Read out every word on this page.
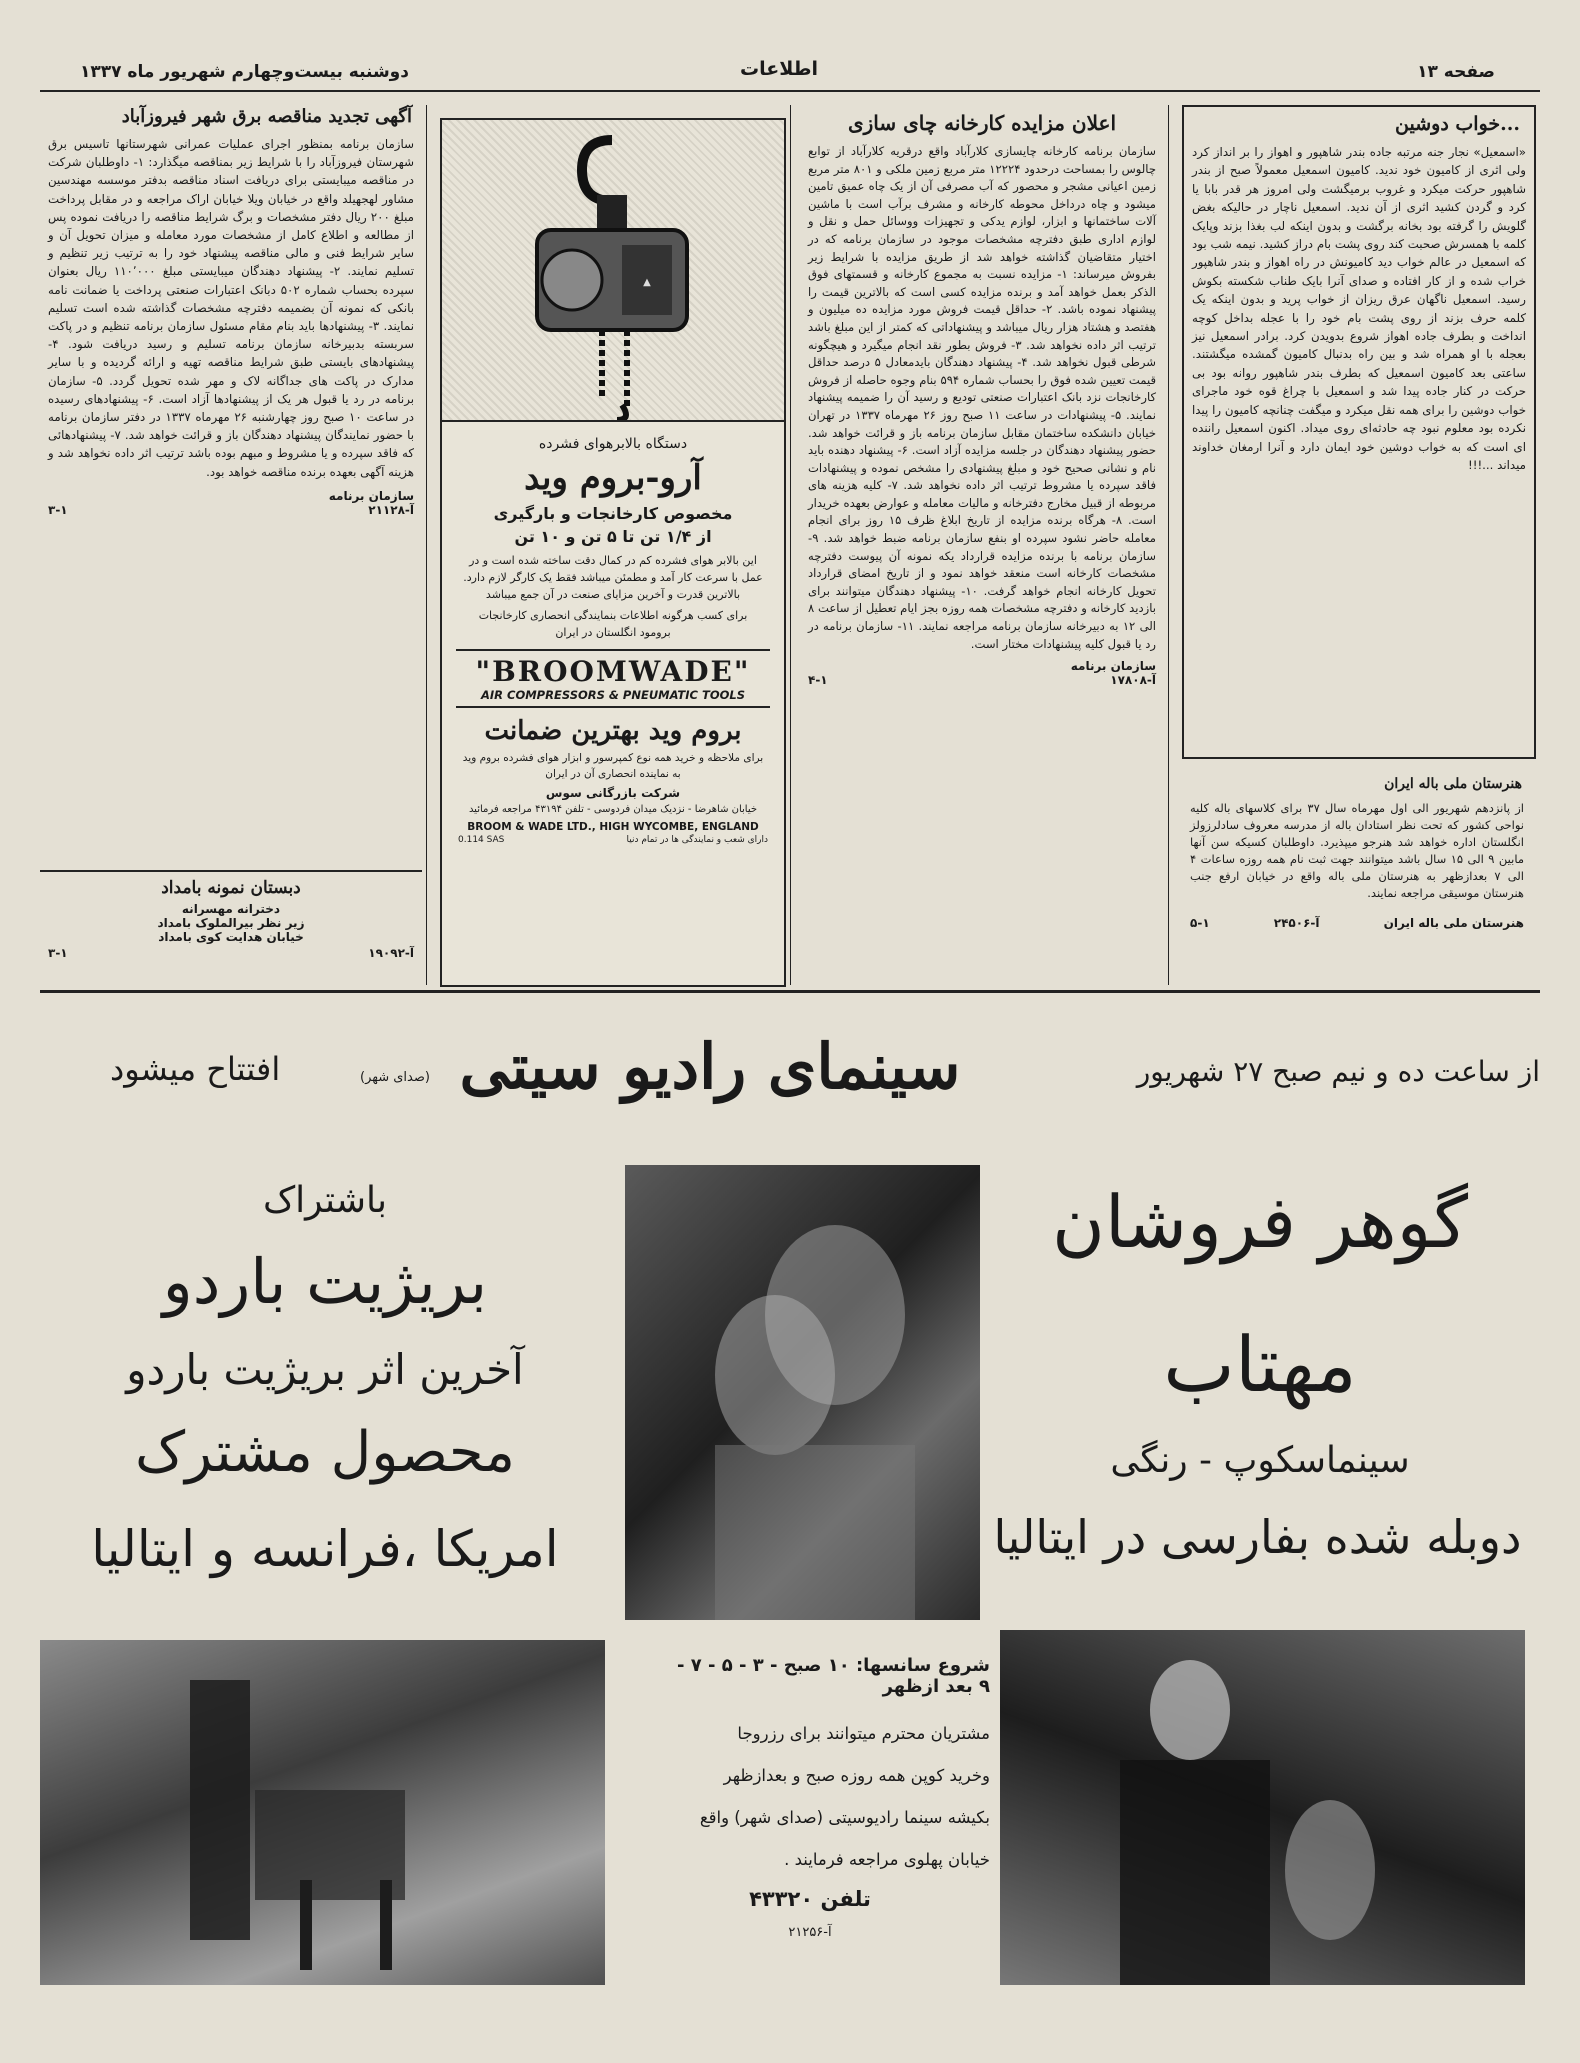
صفحه ۱۳
اطلاعات
دوشنبه بیست‌وچهارم شهریور ماه ۱۳۳۷
خواب دوشین...
«اسمعیل» نجار جنه مرتبه جاده بندر شاهپور و اهواز را بر انداز کرد ولی اثری از کامیون خود ندید. کامیون اسمعیل معمولاً صبح از بندر شاهپور حرکت میکرد و غروب برمیگشت ولی امروز هر قدر بابا یا کرد و گردن کشید اثری از آن ندید. اسمعیل ناچار در حالیکه بغض گلویش را گرفته بود بخانه برگشت و بدون اینکه لب بغذا بزند وپایک کلمه با همسرش صحبت کند روی پشت بام دراز کشید. نیمه شب بود که اسمعیل در عالم خواب دید کامیونش در راه اهواز و بندر شاهپور خراب شده و از کار افتاده و صدای آنرا بایک طناب شکسته بکوش رسید. اسمعیل ناگهان عرق ریزان از خواب پرید و بدون اینکه یک کلمه حرف بزند از روی پشت بام خود را با عجله بداخل کوچه انداخت و بطرف جاده اهواز شروع بدویدن کرد. برادر اسمعیل نیز بعجله با او همراه شد و بین راه بدنبال کامیون گمشده میگشتند. ساعتی بعد کامیون اسمعیل که بطرف بندر شاهپور روانه بود بی حرکت در کنار جاده پیدا شد و اسمعیل با چراغ قوه خود ماجرای خواب دوشین را برای همه نقل میکرد و میگفت چنانچه کامیون را پیدا نکرده بود معلوم نبود چه حادثه‌ای روی میداد. اکنون اسمعیل راننده ای است که به خواب دوشین خود ایمان دارد و آنرا ارمغان خداوند میداند ...!!!
هنرستان ملی باله ایران
از پانزدهم شهریور الی اول مهرماه سال ۳۷ برای کلاسهای باله کلیه نواحی کشور که تحت نظر استادان باله از مدرسه معروف سادلرزولز انگلستان اداره خواهد شد هنرجو میپذیرد. داوطلبان کسیکه سن آنها مابین ۹ الی ۱۵ سال باشد میتوانند جهت ثبت نام همه روزه ساعات ۴ الی ۷ بعدازظهر به هنرستان ملی باله واقع در خیابان ارفع جنب هنرستان موسیقی مراجعه نمایند.
هنرستان ملی باله ایران
آ-۲۴۵۰۶
۵-۱
اعلان مزایده کارخانه چای سازی
سازمان برنامه کارخانه چایسازی کلارآباد واقع درقریه کلارآباد از توابع چالوس را بمساحت درحدود ۱۲۲۲۴ متر مربع زمین ملکی و ۸۰۱ متر مربع زمین اعیانی مشجر و محصور که آب مصرفی آن از یک چاه عمیق تامین میشود و چاه درداخل محوطه کارخانه و مشرف برآب است با ماشین آلات ساختمانها و ابزار، لوازم یدکی و تجهیزات ووسائل حمل و نقل و لوازم اداری طبق دفترچه مشخصات موجود در سازمان برنامه که در اختیار متقاضیان گذاشته خواهد شد از طریق مزایده با شرایط زیر بفروش میرساند: ۱- مزایده نسبت به مجموع کارخانه و قسمتهای فوق الذکر بعمل خواهد آمد و برنده مزایده کسی است که بالاترین قیمت را پیشنهاد نموده باشد. ۲- حداقل قیمت فروش مورد مزایده ده میلیون و هفتصد و هشتاد هزار ریال میباشد و پیشنهاداتی که کمتر از این مبلغ باشد ترتیب اثر داده نخواهد شد. ۳- فروش بطور نقد انجام میگیرد و هیچگونه شرطی قبول نخواهد شد. ۴- پیشنهاد دهندگان بایدمعادل ۵ درصد حداقل قیمت تعیین شده فوق را بحساب شماره ۵۹۴ بنام وجوه حاصله از فروش کارخانجات نزد بانک اعتبارات صنعتی تودیع و رسید آن را ضمیمه پیشنهاد نمایند. ۵- پیشنهادات در ساعت ۱۱ صبح روز ۲۶ مهرماه ۱۳۳۷ در تهران خیابان دانشکده ساختمان مقابل سازمان برنامه باز و قرائت خواهد شد. حضور پیشنهاد دهندگان در جلسه مزایده آزاد است. ۶- پیشنهاد دهنده باید نام و نشانی صحیح خود و مبلغ پیشنهادی را مشخص نموده و پیشنهادات فاقد سپرده یا مشروط ترتیب اثر داده نخواهد شد. ۷- کلیه هزینه های مربوطه از قبیل مخارج دفترخانه و مالیات معامله و عوارض بعهده خریدار است. ۸- هرگاه برنده مزایده از تاریخ ابلاغ ظرف ۱۵ روز برای انجام معامله حاضر نشود سپرده او بنفع سازمان برنامه ضبط خواهد شد. ۹- سازمان برنامه با برنده مزایده قرارداد یکه نمونه آن پیوست دفترچه مشخصات کارخانه است منعقد خواهد نمود و از تاریخ امضای قرارداد تحویل کارخانه انجام خواهد گرفت. ۱۰- پیشنهاد دهندگان میتوانند برای بازدید کارخانه و دفترچه مشخصات همه روزه بجز ایام تعطیل از ساعت ۸ الی ۱۲ به دبیرخانه سازمان برنامه مراجعه نمایند. ۱۱- سازمان برنامه در رد یا قبول کلیه پیشنهادات مختار است.
سازمان برنامه
آ-۱۷۸۰۸
۴-۱
▲
دستگاه بالابرهوای فشرده
آرو-بروم وید
مخصوص کارخانجات و بارگیری
از ۱/۴ تن تا ۵ تن و ۱۰ تن
این بالابر هوای فشرده کم در کمال دقت ساخته شده است و در عمل با سرعت کار آمد و مطمئن میباشد فقط یک کارگر لازم دارد. بالاترین قدرت و آخرین مزایای صنعت در آن جمع میباشد
برای کسب هرگونه اطلاعات بنمایندگی انحصاری کارخانجات برومود انگلستان در ایران
"BROOMWADE"
AIR COMPRESSORS & PNEUMATIC TOOLS
بروم وید بهترین ضمانت
برای ملاحظه و خرید همه نوع کمپرسور و ابزار هوای فشرده بروم وید به نماینده انحصاری آن در ایران
شرکت بازرگانی سوس
خیابان شاهرضا - نزدیک میدان فردوسی - تلفن ۴۳۱۹۴ مراجعه فرمائید
BROOM & WADE LTD., HIGH WYCOMBE, ENGLAND
0.114 SAS	دارای شعب و نمایندگی ها در تمام دنیا
آگهی تجدید مناقصه برق شهر فیروزآباد
سازمان برنامه بمنظور اجرای عملیات عمرانی شهرستانها تاسیس برق شهرستان فیروزآباد را با شرایط زیر بمناقصه میگذارد: ۱- داوطلبان شرکت در مناقصه میبایستی برای دریافت اسناد مناقصه بدفتر موسسه مهندسین مشاور لهجهیلد واقع در خیابان ویلا خیابان اراک مراجعه و در مقابل پرداخت مبلغ ۲۰۰ ریال دفتر مشخصات و برگ شرایط مناقصه را دریافت نموده پس از مطالعه و اطلاع کامل از مشخصات مورد معامله و میزان تحویل آن و سایر شرایط فنی و مالی مناقصه پیشنهاد خود را به ترتیب زیر تنظیم و تسلیم نمایند. ۲- پیشنهاد دهندگان میبایستی مبلغ ۱۱۰٬۰۰۰ ریال بعنوان سپرده بحساب شماره ۵۰۲ دبانک اعتبارات صنعتی پرداخت یا ضمانت نامه بانکی که نمونه آن بضمیمه دفترچه مشخصات گذاشته شده است تسلیم نمایند. ۳- پیشنهادها باید بنام مقام مسئول سازمان برنامه تنظیم و در پاکت سربسته بدبیرخانه سازمان برنامه تسلیم و رسید دریافت شود. ۴- پیشنهادهای بایستی طبق شرایط مناقصه تهیه و ارائه گردیده و با سایر مدارک در پاکت های جداگانه لاک و مهر شده تحویل گردد. ۵- سازمان برنامه در رد یا قبول هر یک از پیشنهادها آزاد است. ۶- پیشنهادهای رسیده در ساعت ۱۰ صبح روز چهارشنبه ۲۶ مهرماه ۱۳۳۷ در دفتر سازمان برنامه با حضور نمایندگان پیشنهاد دهندگان باز و قرائت خواهد شد. ۷- پیشنهادهائی که فاقد سپرده و یا مشروط و مبهم بوده باشد ترتیب اثر داده نخواهد شد و هزینه آگهی بعهده برنده مناقصه خواهد بود.
سازمان برنامه
آ-۲۱۱۲۸
۳-۱
دبستان نمونه بامداد
دخترانه مهسرانه
زیر نظر بیرالملوک بامداد
خیابان هدایت کوی بامداد
آ-۱۹۰۹۲
۳-۱
از ساعت ده و نیم صبح ۲۷ شهریور
سینمای رادیو سیتی
(صدای شهر)
افتتاح میشود
گوهر فروشان
مهتاب
سینماسکوپ - رنگی
دوبله شده بفارسی در ایتالیا
باشتراک
بریژیت باردو
آخرین اثر بریژیت باردو
محصول مشترک
امریکا ،فرانسه و ایتالیا
شروع سانسها: ۱۰ صبح - ۳ - ۵ - ۷ -
۹ بعد ازظهر
مشتریان محترم میتوانند برای رزروجا
وخرید کوپن همه روزه صبح و بعدازظهر
بکیشه سینما رادیوسیتی (صدای شهر) واقع
خیابان پهلوی مراجعه فرمایند .
تلفن ۴۳۳۲۰
آ-۲۱۲۵۶
